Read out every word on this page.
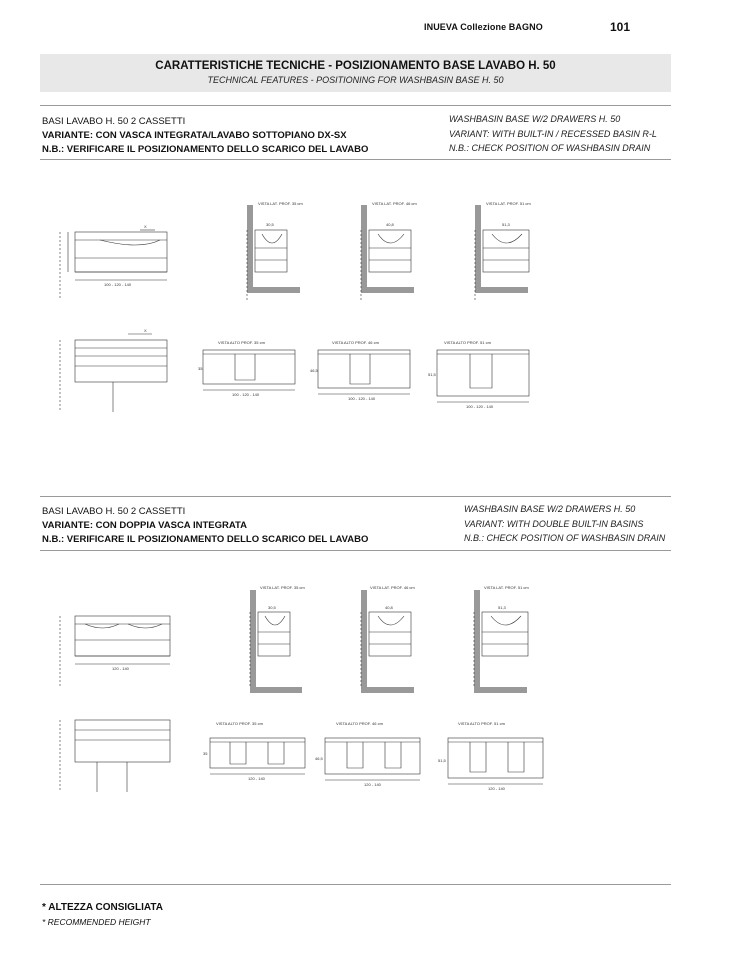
INUEVA Collezione BAGNO	101
CARATTERISTICHE TECNICHE - POSIZIONAMENTO BASE LAVABO H. 50
TECHNICAL FEATURES - POSITIONING FOR WASHBASIN BASE H. 50
BASI LAVABO H. 50 2 CASSETTI
VARIANTE: CON VASCA INTEGRATA/LAVABO SOTTOPIANO DX-SX
N.B.: VERIFICARE IL POSIZIONAMENTO DELLO SCARICO DEL LAVABO
WASHBASIN BASE W/2 DRAWERS H. 50
VARIANT: WITH BUILT-IN / RECESSED BASIN R-L
N.B.: CHECK POSITION OF WASHBASIN DRAIN
BASI LAVABO H. 50 2 CASSETTI
VARIANTE: CON DOPPIA VASCA INTEGRATA
N.B.: VERIFICARE IL POSIZIONAMENTO DELLO SCARICO DEL LAVABO
WASHBASIN BASE W/2 DRAWERS H. 50
VARIANT: WITH DOUBLE BUILT-IN BASINS
N.B.: CHECK POSITION OF WASHBASIN DRAIN
X
100 - 120 - 140
X
VISTA LAT. PROF. 35 cm
30,5
VISTA LAT. PROF. 46 cm
40,8
VISTA LAT. PROF. 51 cm
51,3
VISTA ALTO PROF. 35 cm
100 - 120 - 140
35
VISTA ALTO PROF. 46 cm
100 - 120 - 140
46,5
VISTA ALTO PROF. 51 cm
100 - 120 - 140
51,5
120 - 140
VISTA LAT. PROF. 35 cm
30,5
VISTA LAT. PROF. 46 cm
40,8
VISTA LAT. PROF. 51 cm
51,3
VISTA ALTO PROF. 35 cm
120 - 140
35
VISTA ALTO PROF. 46 cm
120 - 140
46,5
VISTA ALTO PROF. 51 cm
120 - 140
51,5
* ALTEZZA CONSIGLIATA
* RECOMMENDED HEIGHT
